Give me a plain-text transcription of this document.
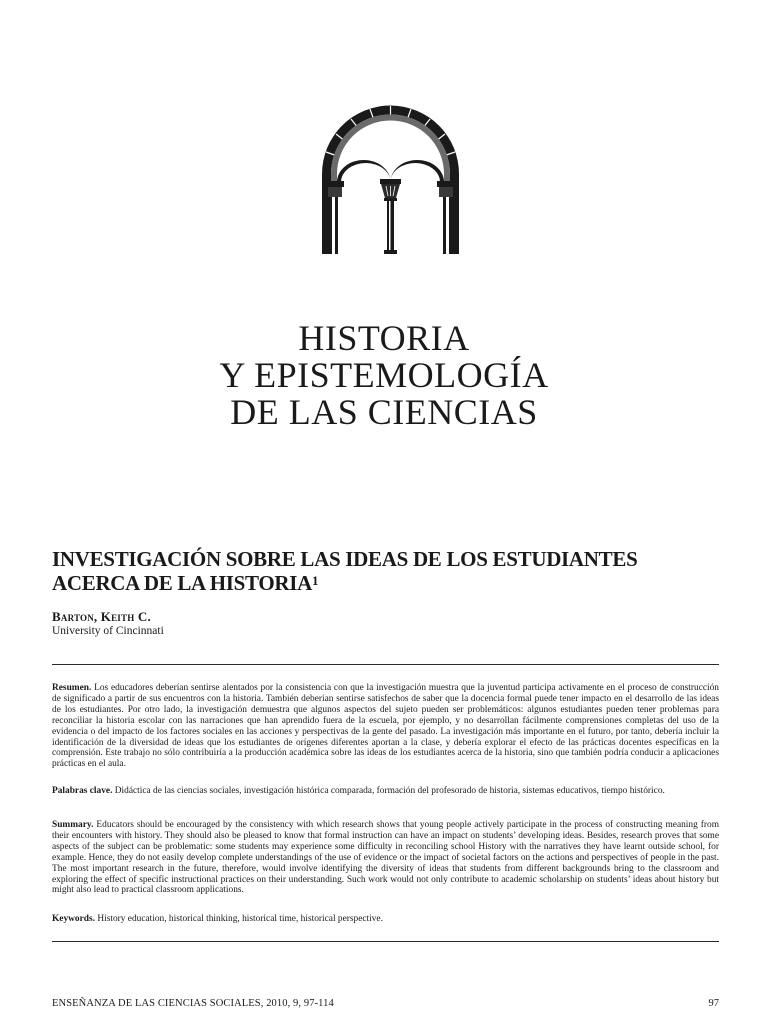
HISTORIA
Y EPISTEMOLOGÍA
DE LAS CIENCIAS
INVESTIGACIÓN SOBRE LAS IDEAS DE LOS ESTUDIANTES
ACERCA DE LA HISTORIA$^1$
Barton, Keith C.
University of Cincinnati
Resumen. Los educadores deberían sentirse alentados por la consistencia con que la investigación muestra que la juventud participa activamente en el proceso de construcción de significado a partir de sus encuentros con la historia. También deberían sentirse satisfechos de saber que la docencia formal puede tener impacto en el desarrollo de las ideas de los estudiantes. Por otro lado, la investigación demuestra que algunos aspectos del sujeto pueden ser problemáticos: algunos estudiantes pueden tener problemas para reconciliar la historia escolar con las narraciones que han aprendido fuera de la escuela, por ejemplo, y no desarrollan fácilmente comprensiones completas del uso de la evidencia o del impacto de los factores sociales en las acciones y perspectivas de la gente del pasado. La investigación más importante en el futuro, por tanto, debería incluir la identificación de la diversidad de ideas que los estudiantes de orígenes diferentes aportan a la clase, y debería explorar el efecto de las prácticas docentes específicas en la comprensión. Este trabajo no sólo contribuiría a la producción académica sobre las ideas de los estudiantes acerca de la historia, sino que también podría conducir a aplicaciones prácticas en el aula.
Palabras clave. Didáctica de las ciencias sociales, investigación histórica comparada, formación del profesorado de historia, sistemas educativos, tiempo histórico.
Summary. Educators should be encouraged by the consistency with which research shows that young people actively participate in the process of constructing meaning from their encounters with history. They should also be pleased to know that formal instruction can have an impact on students’ developing ideas. Besides, research proves that some aspects of the subject can be problematic: some students may experience some difficulty in reconciling school History with the narratives they have learnt outside school, for example. Hence, they do not easily develop complete understandings of the use of evidence or the impact of societal factors on the actions and perspectives of people in the past. The most important research in the future, therefore, would involve identifying the diversity of ideas that students from different backgrounds bring to the classroom and exploring the effect of specific instructional practices on their understanding. Such work would not only contribute to academic scholarship on students’ ideas about history but might also lead to practical classroom applications.
Keywords. History education, historical thinking, historical time, historical perspective.
ENSEÑANZA DE LAS CIENCIAS SOCIALES, 2010, 9, 97-114	97
